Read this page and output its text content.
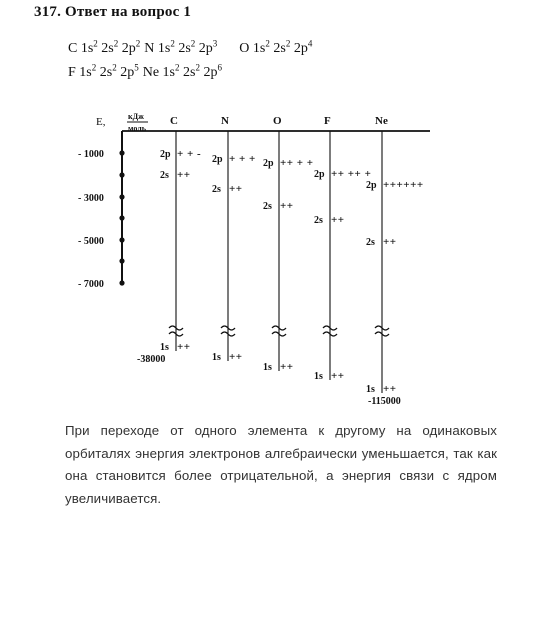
317. Ответ на вопрос 1
C $1s^2$ $2s^2$ $2p^2$ N $1s^2$ $2s^2$ $2p^3$ O $1s^2$ $2s^2$ $2p^4$
F $1s^2$ $2s^2$ $2p^5$ Ne $1s^2$ $2s^2$ $2p^6$
E,	кДж
моль
- 1000
- 3000
- 5000
- 7000
C
2p + + -
2s ++
1s ++
-38000
N
2p + + +
2s ++
1s ++
O
2p ++ + +
2s ++
1s ++
F
2p ++ ++ +
2s ++
1s ++
Ne
2p ++++++
2s ++
1s ++
-115000
При переходе от одного элемента к другому на одинаковых орбиталях энергия электронов алгебраически уменьшается, так как она становится более отрицательной, а энергия связи с ядром увеличивается.
